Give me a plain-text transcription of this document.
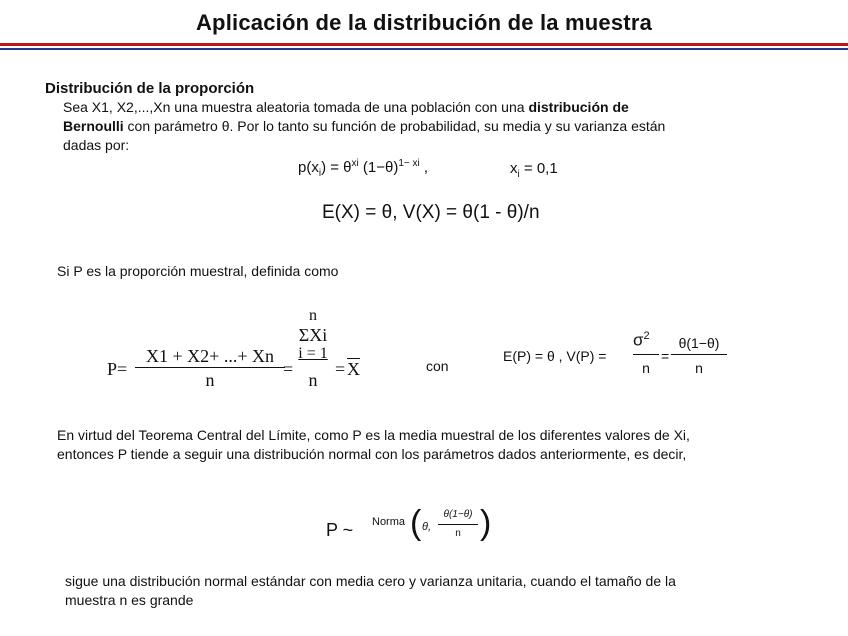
Aplicación de la distribución de la muestra
Distribución de la proporción
Sea X1, X2,...,Xn una muestra aleatoria tomada de una población con una distribución de
Bernoulli con parámetro θ. Por lo tanto su función de probabilidad, su media y su varianza están
dadas por:
$p(x_i) = \theta^{xi}$ $(1-\theta)^{1- xi}$ ,	$x_i = 0,1$
E(X) = θ, V(X) = θ(1 - θ)/n
Si P es la proporción muestral, definida como
P=
X1 + X2+ ...+ Xn
n
=
n
ΣXi
i = 1
n
= $\overline{X}$	con
E(P) = θ , V(P) =
$\sigma^2$
n
=
θ(1−θ)
n
En virtud del Teorema Central del Límite, como P es la media muestral de los diferentes valores de Xi,
entonces P tiende a seguir una distribución normal con los parámetros dados anteriormente, es decir,
P ~ Norma ( θ,
θ(1−θ)
n )
sigue una distribución normal estándar con media cero y varianza unitaria, cuando el tamaño de la
muestra n es grande
